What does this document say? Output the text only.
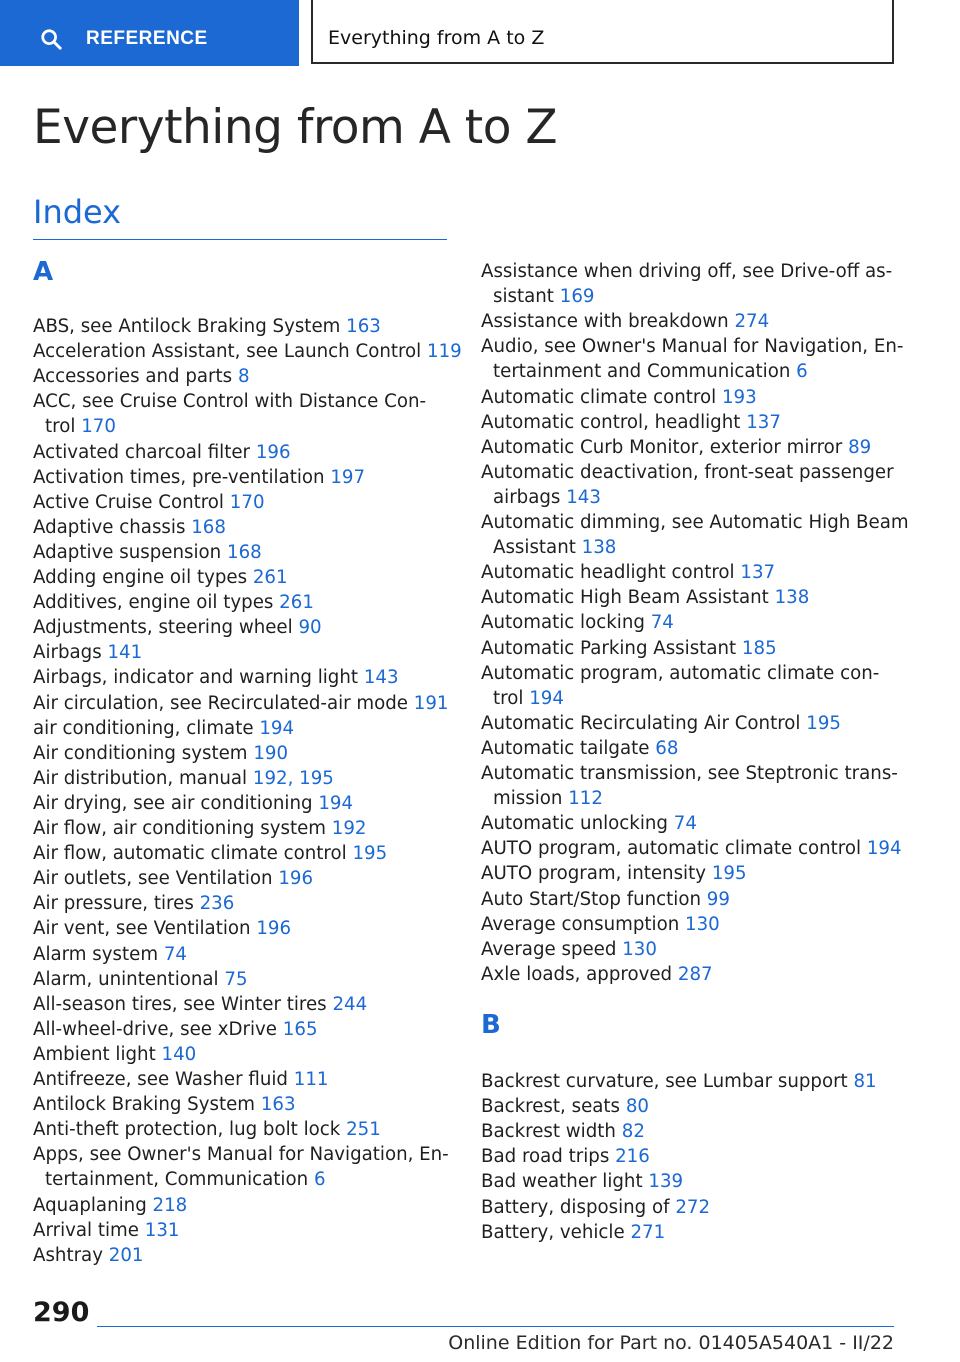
REFERENCE	Everything from A to Z
Everything from A to Z
Index
A
ABS, see Antilock Braking System 163
Acceleration Assistant, see Launch Control 119
Accessories and parts 8
ACC, see Cruise Control with Distance Con-
trol 170
Activated charcoal filter 196
Activation times, pre-ventilation 197
Active Cruise Control 170
Adaptive chassis 168
Adaptive suspension 168
Adding engine oil types 261
Additives, engine oil types 261
Adjustments, steering wheel 90
Airbags 141
Airbags, indicator and warning light 143
Air circulation, see Recirculated-air mode 191
air conditioning, climate 194
Air conditioning system 190
Air distribution, manual 192, 195
Air drying, see air conditioning 194
Air flow, air conditioning system 192
Air flow, automatic climate control 195
Air outlets, see Ventilation 196
Air pressure, tires 236
Air vent, see Ventilation 196
Alarm system 74
Alarm, unintentional 75
All-season tires, see Winter tires 244
All-wheel-drive, see xDrive 165
Ambient light 140
Antifreeze, see Washer fluid 111
Antilock Braking System 163
Anti-theft protection, lug bolt lock 251
Apps, see Owner's Manual for Navigation, En-
tertainment, Communication 6
Aquaplaning 218
Arrival time 131
Ashtray 201
B
Assistance when driving off, see Drive-off as-
sistant 169
Assistance with breakdown 274
Audio, see Owner's Manual for Navigation, En-
tertainment and Communication 6
Automatic climate control 193
Automatic control, headlight 137
Automatic Curb Monitor, exterior mirror 89
Automatic deactivation, front-seat passenger
airbags 143
Automatic dimming, see Automatic High Beam
Assistant 138
Automatic headlight control 137
Automatic High Beam Assistant 138
Automatic locking 74
Automatic Parking Assistant 185
Automatic program, automatic climate con-
trol 194
Automatic Recirculating Air Control 195
Automatic tailgate 68
Automatic transmission, see Steptronic trans-
mission 112
Automatic unlocking 74
AUTO program, automatic climate control 194
AUTO program, intensity 195
Auto Start/Stop function 99
Average consumption 130
Average speed 130
Axle loads, approved 287
Backrest curvature, see Lumbar support 81
Backrest, seats 80
Backrest width 82
Bad road trips 216
Bad weather light 139
Battery, disposing of 272
Battery, vehicle 271
290
Online Edition for Part no. 01405A540A1 - II/22
